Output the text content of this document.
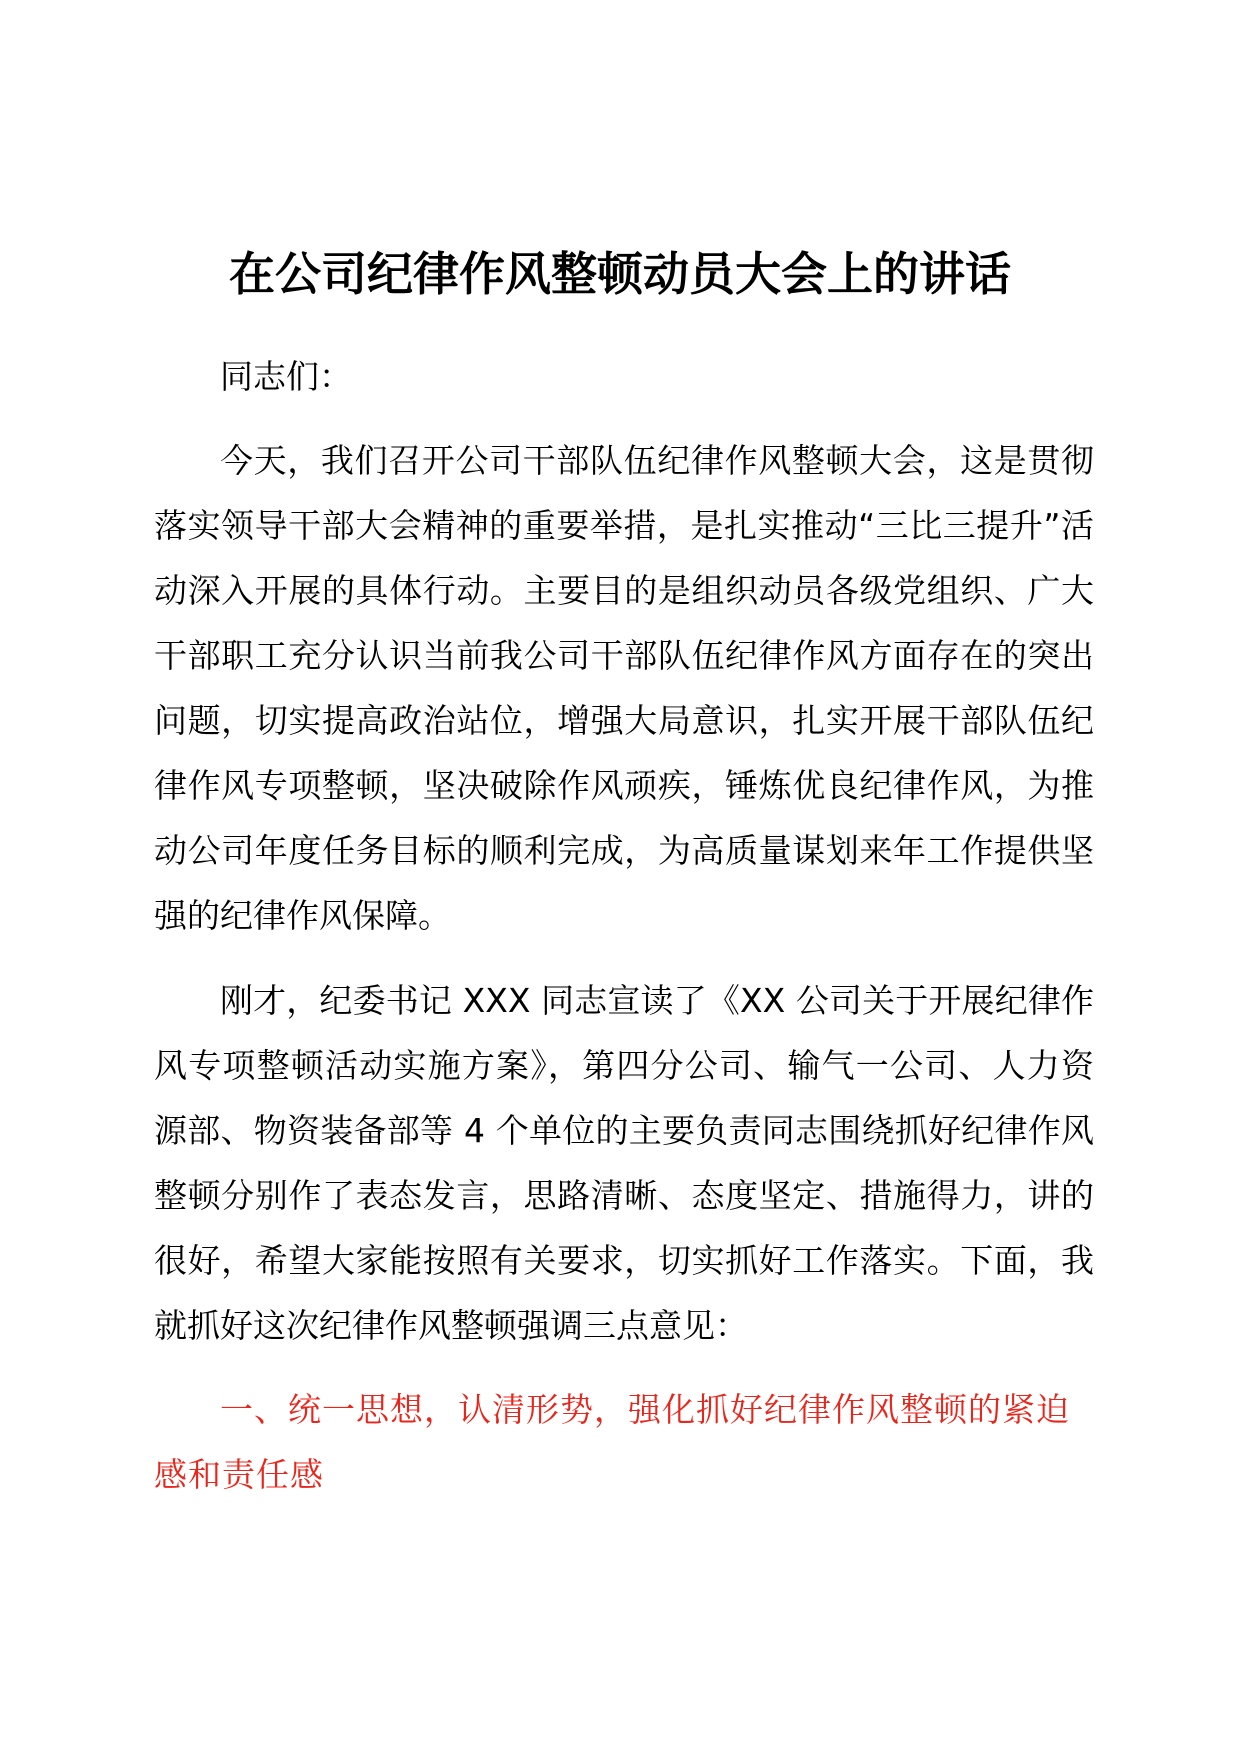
在公司纪律作风整顿动员大会上的讲话

同志们：

今天，我们召开公司干部队伍纪律作风整顿大会，这是贯彻落实领导干部大会精神的重要举措，是扎实推动“三比三提升”活动深入开展的具体行动。主要目的是组织动员各级党组织、广大干部职工充分认识当前我公司干部队伍纪律作风方面存在的突出问题，切实提高政治站位，增强大局意识，扎实开展干部队伍纪律作风专项整顿，坚决破除作风顽疾，锤炼优良纪律作风，为推动公司年度任务目标的顺利完成，为高质量谋划来年工作提供坚强的纪律作风保障。

刚才，纪委书记 XXX 同志宣读了《XX 公司关于开展纪律作风专项整顿活动实施方案》，第四分公司、输气一公司、人力资源部、物资装备部等 4 个单位的主要负责同志围绕抓好纪律作风整顿分别作了表态发言，思路清晰、态度坚定、措施得力，讲的很好，希望大家能按照有关要求，切实抓好工作落实。下面，我就抓好这次纪律作风整顿强调三点意见：

一、统一思想，认清形势，强化抓好纪律作风整顿的紧迫感和责任感
